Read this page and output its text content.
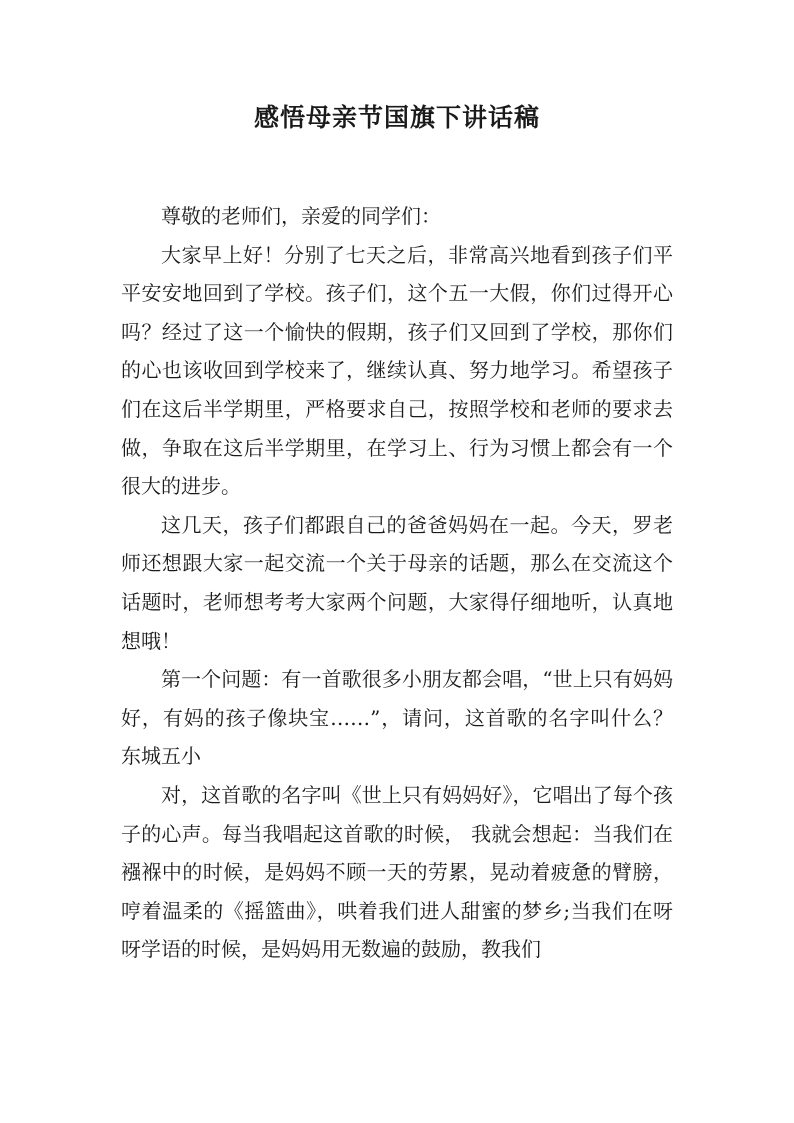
感悟母亲节国旗下讲话稿

尊敬的老师们，亲爱的同学们：

大家早上好！分别了七天之后，非常高兴地看到孩子们平平安安地回到了学校。孩子们，这个五一大假，你们过得开心吗？经过了这一个愉快的假期，孩子们又回到了学校，那你们的心也该收回到学校来了，继续认真、努力地学习。希望孩子们在这后半学期里，严格要求自己，按照学校和老师的要求去做，争取在这后半学期里，在学习上、行为习惯上都会有一个很大的进步。

这几天，孩子们都跟自己的爸爸妈妈在一起。今天，罗老师还想跟大家一起交流一个关于母亲的话题，那么在交流这个话题时，老师想考考大家两个问题，大家得仔细地听，认真地想哦！

第一个问题：有一首歌很多小朋友都会唱，“世上只有妈妈好，有妈的孩子像块宝……”，请问，这首歌的名字叫什么？ 东城五小

对，这首歌的名字叫《世上只有妈妈好》，它唱出了每个孩子的心声。每当我唱起这首歌的时候， 我就会想起：当我们在襁褓中的时候，是妈妈不顾一天的劳累，晃动着疲惫的臂膀，哼着温柔的《摇篮曲》，哄着我们进人甜蜜的梦乡;当我们在呀呀学语的时候，是妈妈用无数遍的鼓励，教我们
